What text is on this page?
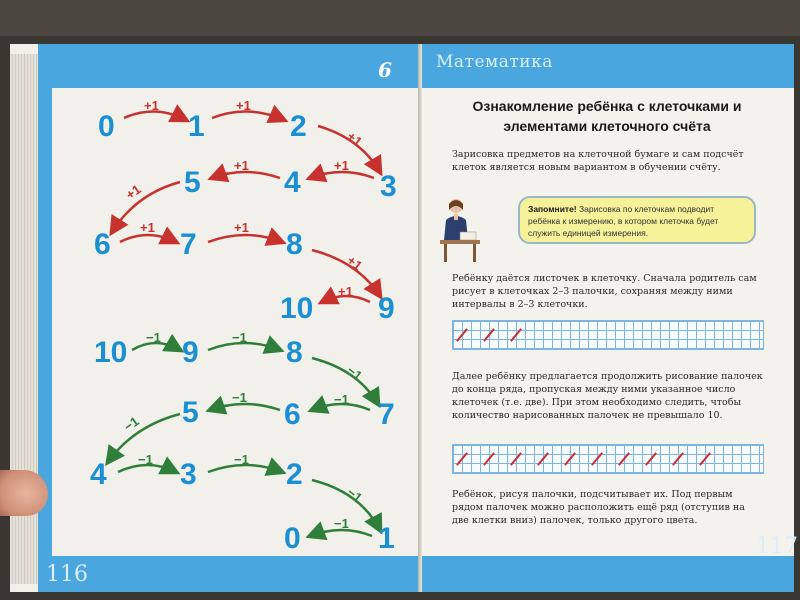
6	Математика
116
117
+1	+1
+1
+1
+1
+1
+1	+1
+1
+1
−1	−1
−1
−1
−1
−1
−1	−1
−1
−1
0 1	2
3
4
5
6 7	8
9
10
10 9	8
7
6
5
4 3	2
1
0
Ознакомление ребёнка с клеточками и элементами клеточного счёта
Зарисовка предметов на клеточной бумаге и сам подсчёт клеток является новым вариантом в обучении счёту.
Запомните! Зарисовка по клеточкам подводит ребёнка к измерению, в котором клеточка будет служить единицей измерения.
Ребёнку даётся листочек в клеточку. Сначала родитель сам рисует в клеточках 2–3 палочки, сохраняя между ними интервалы в 2–3 клеточки.
Далее ребёнку предлагается продолжить рисование палочек до конца ряда, пропуская между ними указанное число клеточек (т.е. две). При этом необходимо следить, чтобы количество нарисованных палочек не превышало 10.
Ребёнок, рисуя палочки, подсчитывает их. Под первым рядом палочек можно расположить ещё ряд (отступив на две клетки вниз) палочек, только другого цвета.
